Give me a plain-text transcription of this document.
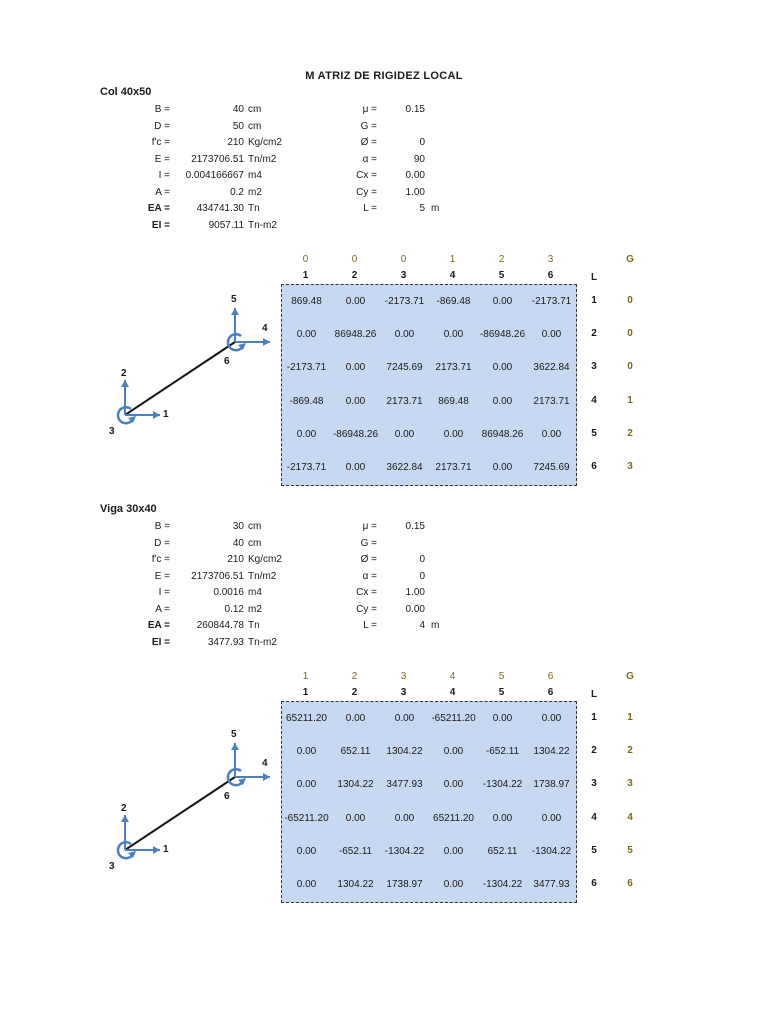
M ATRIZ DE RIGIDEZ LOCAL
Col 40x50
B =	40 cm
D =	50 cm
f'c =	210 Kg/cm2
E =	2173706.51 Tn/m2
I =	0.004166667 m4
A =	0.2 m2
EA =	434741.30 Tn
EI =	9057.11 Tn-m2
μ =	0.15
G =
Ø =	0
α =	90
Cx =	0.00
Cy =	1.00
L =	5 m
0	0	0	1	2	3
1	2	3	4	5	6	L
G
869.48	0.00	-2173.71	-869.48	0.00	-2173.71
0.00	86948.26	0.00	0.00	-86948.26	0.00
-2173.71	0.00	7245.69	2173.71	0.00	3622.84
-869.48	0.00	2173.71	869.48	0.00	2173.71
0.00	-86948.26	0.00	0.00	86948.26	0.00
-2173.71	0.00	3622.84	2173.71	0.00	7245.69
1	0
2	0
3	0
4	1
5	2
6	3
5
4
6
2
1
3
Viga 30x40
B =	30 cm
D =	40 cm
f'c =	210 Kg/cm2
E =	2173706.51 Tn/m2
I =	0.0016 m4
A =	0.12 m2
EA =	260844.78 Tn
EI =	3477.93 Tn-m2
μ =	0.15
G =
Ø =	0
α =	0
Cx =	1.00
Cy =	0.00
L =	4 m
1	2	3	4	5	6
1	2	3	4	5	6	L
G
65211.20	0.00	0.00	-65211.20	0.00	0.00
0.00	652.11	1304.22	0.00	-652.11	1304.22
0.00	1304.22	3477.93	0.00	-1304.22	1738.97
-65211.20	0.00	0.00	65211.20	0.00	0.00
0.00	-652.11	-1304.22	0.00	652.11	-1304.22
0.00	1304.22	1738.97	0.00	-1304.22	3477.93
1	1
2	2
3	3
4	4
5	5
6	6
5
4
6
2
1
3
